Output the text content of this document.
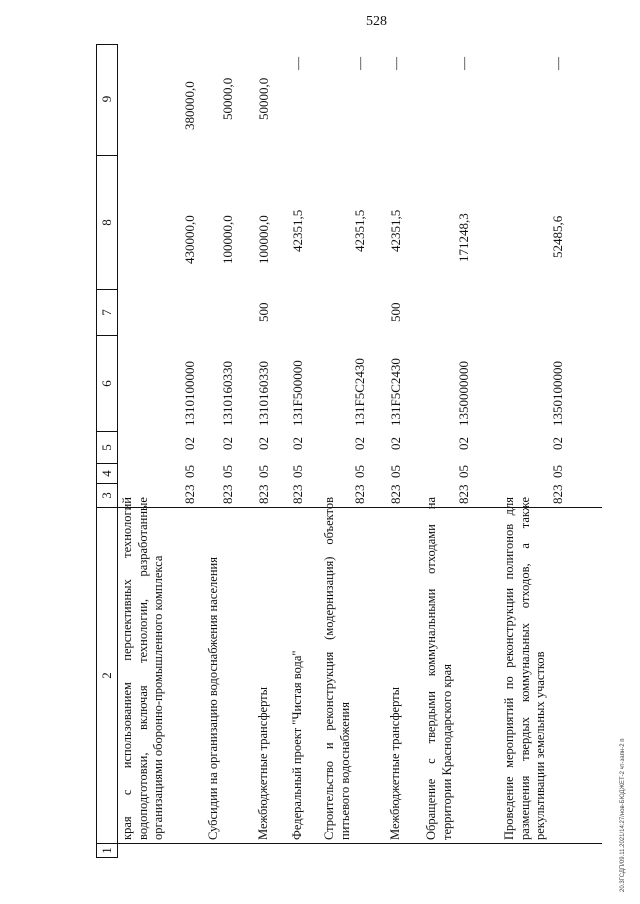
528
20.3ГСДП/09.11.2021/14:27/нов-БЮДЖЕТ-2 чт-запн-2 п
1
2
3
4
5
6
7
8
9
края с использованием перспективных технологий водоподготовки, включая технологии, разработанные организациями оборонно-промышленного комплекса
823
05
02
1310100000
430000,0
380000,0
Субсидии на организацию водоснабжения населения
823
05
02
1310160330
100000,0
50000,0
Межбюджетные трансферты
823
05
02
1310160330
500
100000,0
50000,0
Федеральный проект "Чистая вода"
823
05
02
131F500000
42351,5
—
Строительство и реконструкция (модернизация) объектов питьевого водоснабжения
823
05
02
131F5C2430
42351,5
—
Межбюджетные трансферты
823
05
02
131F5C2430
500
42351,5
—
Обращение с твердыми коммунальными отходами на территории Краснодарского края
823
05
02
1350000000
171248,3
—
Проведение мероприятий по реконструкции полигонов для размещения твердых коммунальных отходов, а также рекультивации земельных участков
823
05
02
1350100000
52485,6
—
